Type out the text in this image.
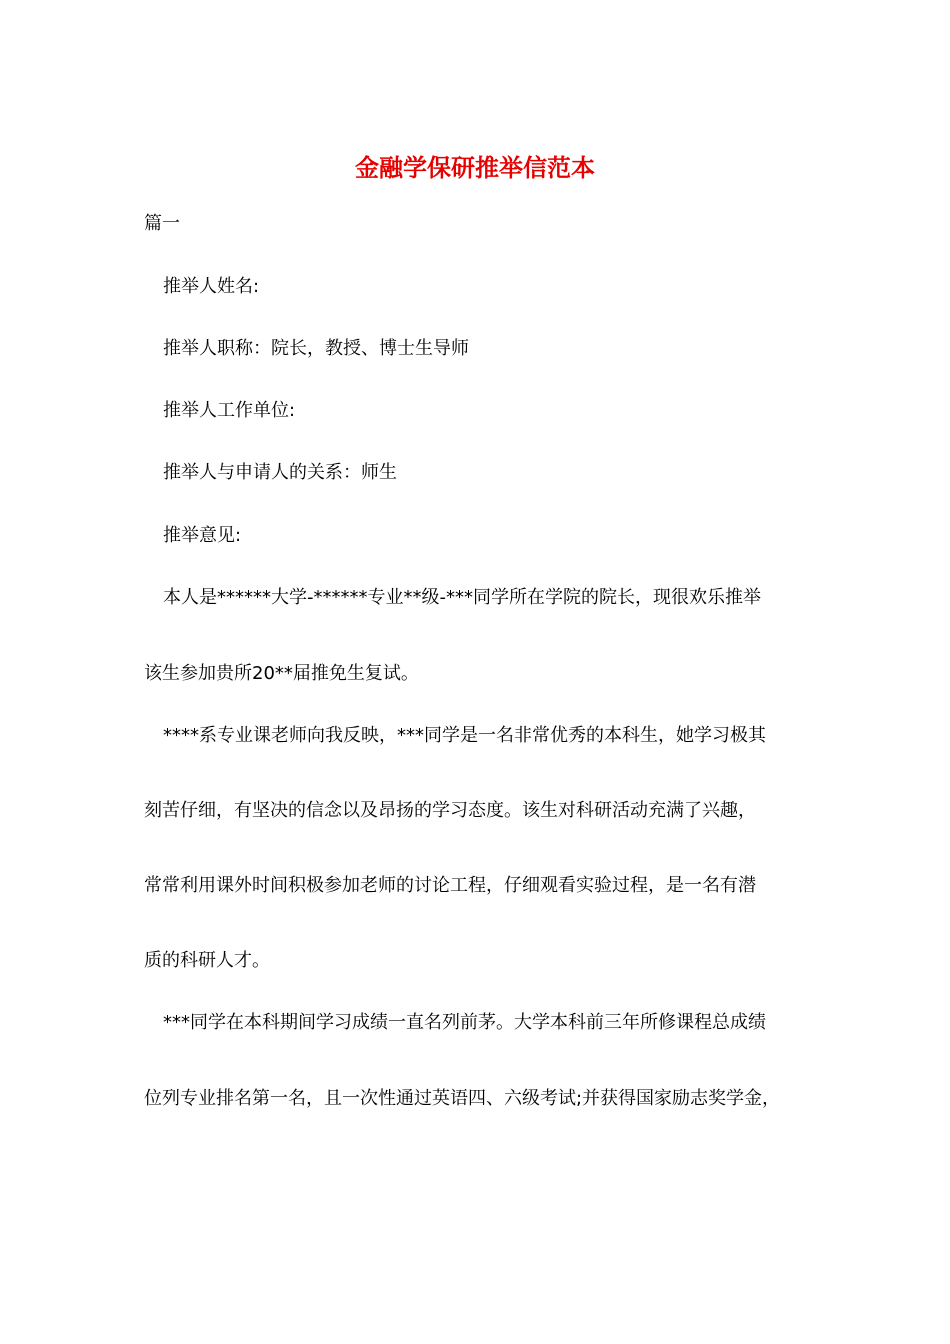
金融学保研推举信范本

篇一

推举人姓名:

推举人职称：院长，教授、博士生导师

推举人工作单位:

推举人与申请人的关系：师生

推举意见:

本人是******大学-******专业**级-***同学所在学院的院长，现很欢乐推举

该生参加贵所20**届推免生复试。

****系专业课老师向我反映，***同学是一名非常优秀的本科生，她学习极其

刻苦仔细，有坚决的信念以及昂扬的学习态度。该生对科研活动充满了兴趣，

常常利用课外时间积极参加老师的讨论工程，仔细观看实验过程，是一名有潜

质的科研人才。

***同学在本科期间学习成绩一直名列前茅。大学本科前三年所修课程总成绩

位列专业排名第一名，且一次性通过英语四、六级考试;并获得国家励志奖学金，
